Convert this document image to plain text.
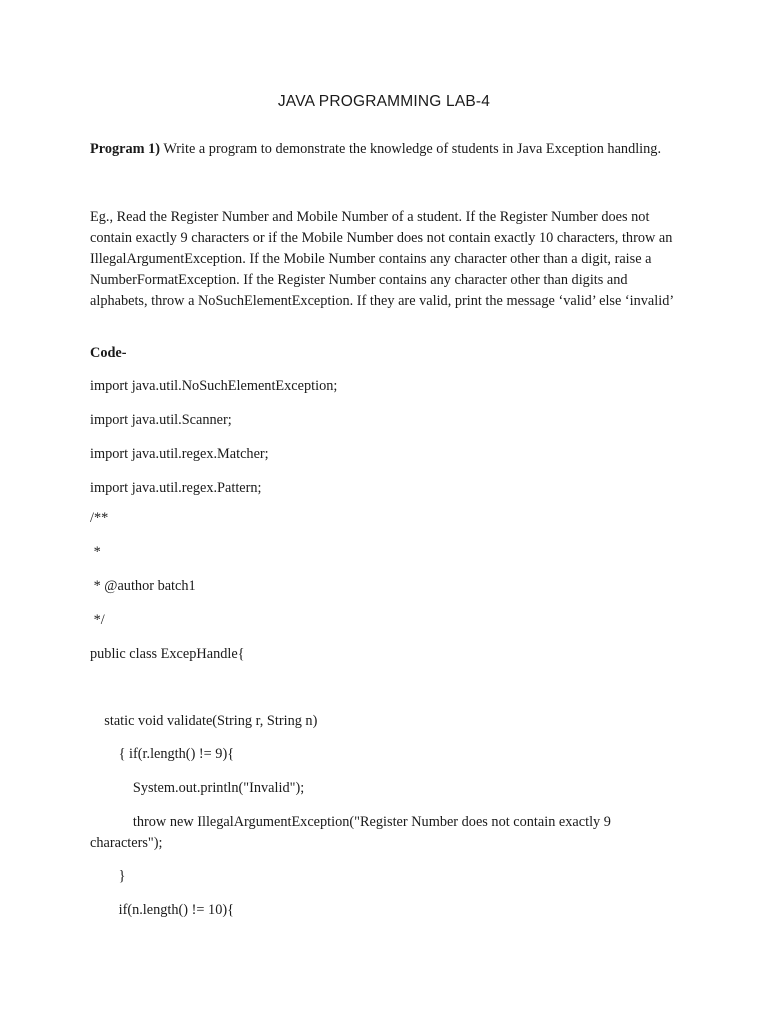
JAVA PROGRAMMING LAB-4
Program 1) Write a program to demonstrate the knowledge of students in Java Exception handling.
Eg., Read the Register Number and Mobile Number of a student. If the Register Number does not contain exactly 9 characters or if the Mobile Number does not contain exactly 10 characters, throw an IllegalArgumentException. If the Mobile Number contains any character other than a digit, raise a NumberFormatException. If the Register Number contains any character other than digits and alphabets, throw a NoSuchElementException. If they are valid, print the message ‘valid’ else ‘invalid’
Code-
import java.util.NoSuchElementException;
import java.util.Scanner;
import java.util.regex.Matcher;
import java.util.regex.Pattern;
/**
*
* @author batch1
*/
public class ExcepHandle{
static void validate(String r, String n)
{ if(r.length() != 9){
System.out.println("Invalid");
throw new IllegalArgumentException("Register Number does not contain exactly 9 characters");
}
if(n.length() != 10){
